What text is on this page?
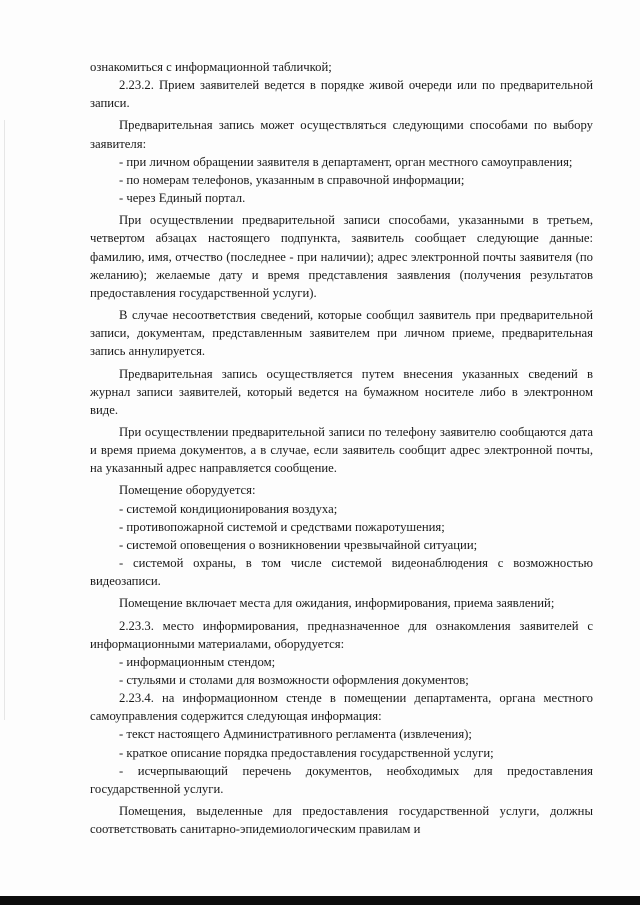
ознакомиться с информационной табличкой;

2.23.2. Прием заявителей ведется в порядке живой очереди или по предварительной записи.

Предварительная запись может осуществляться следующими способами по выбору заявителя:

- при личном обращении заявителя в департамент, орган местного самоуправления;

- по номерам телефонов, указанным в справочной информации;

- через Единый портал.

При осуществлении предварительной записи способами, указанными в третьем, четвертом абзацах настоящего подпункта, заявитель сообщает следующие данные: фамилию, имя, отчество (последнее - при наличии); адрес электронной почты заявителя (по желанию); желаемые дату и время представления заявления (получения результатов предоставления государственной услуги).

В случае несоответствия сведений, которые сообщил заявитель при предварительной записи, документам, представленным заявителем при личном приеме, предварительная запись аннулируется.

Предварительная запись осуществляется путем внесения указанных сведений в журнал записи заявителей, который ведется на бумажном носителе либо в электронном виде.

При осуществлении предварительной записи по телефону заявителю сообщаются дата и время приема документов, а в случае, если заявитель сообщит адрес электронной почты, на указанный адрес направляется сообщение.

Помещение оборудуется:

- системой кондиционирования воздуха;

- противопожарной системой и средствами пожаротушения;

- системой оповещения о возникновении чрезвычайной ситуации;

- системой охраны, в том числе системой видеонаблюдения с возможностью видеозаписи.

Помещение включает места для ожидания, информирования, приема заявлений;

2.23.3. место информирования, предназначенное для ознакомления заявителей с информационными материалами, оборудуется:

- информационным стендом;

- стульями и столами для возможности оформления документов;

2.23.4. на информационном стенде в помещении департамента, органа местного самоуправления содержится следующая информация:

- текст настоящего Административного регламента (извлечения);

- краткое описание порядка предоставления государственной услуги;

- исчерпывающий перечень документов, необходимых для предоставления государственной услуги.

Помещения, выделенные для предоставления государственной услуги, должны соответствовать санитарно-эпидемиологическим правилам и
